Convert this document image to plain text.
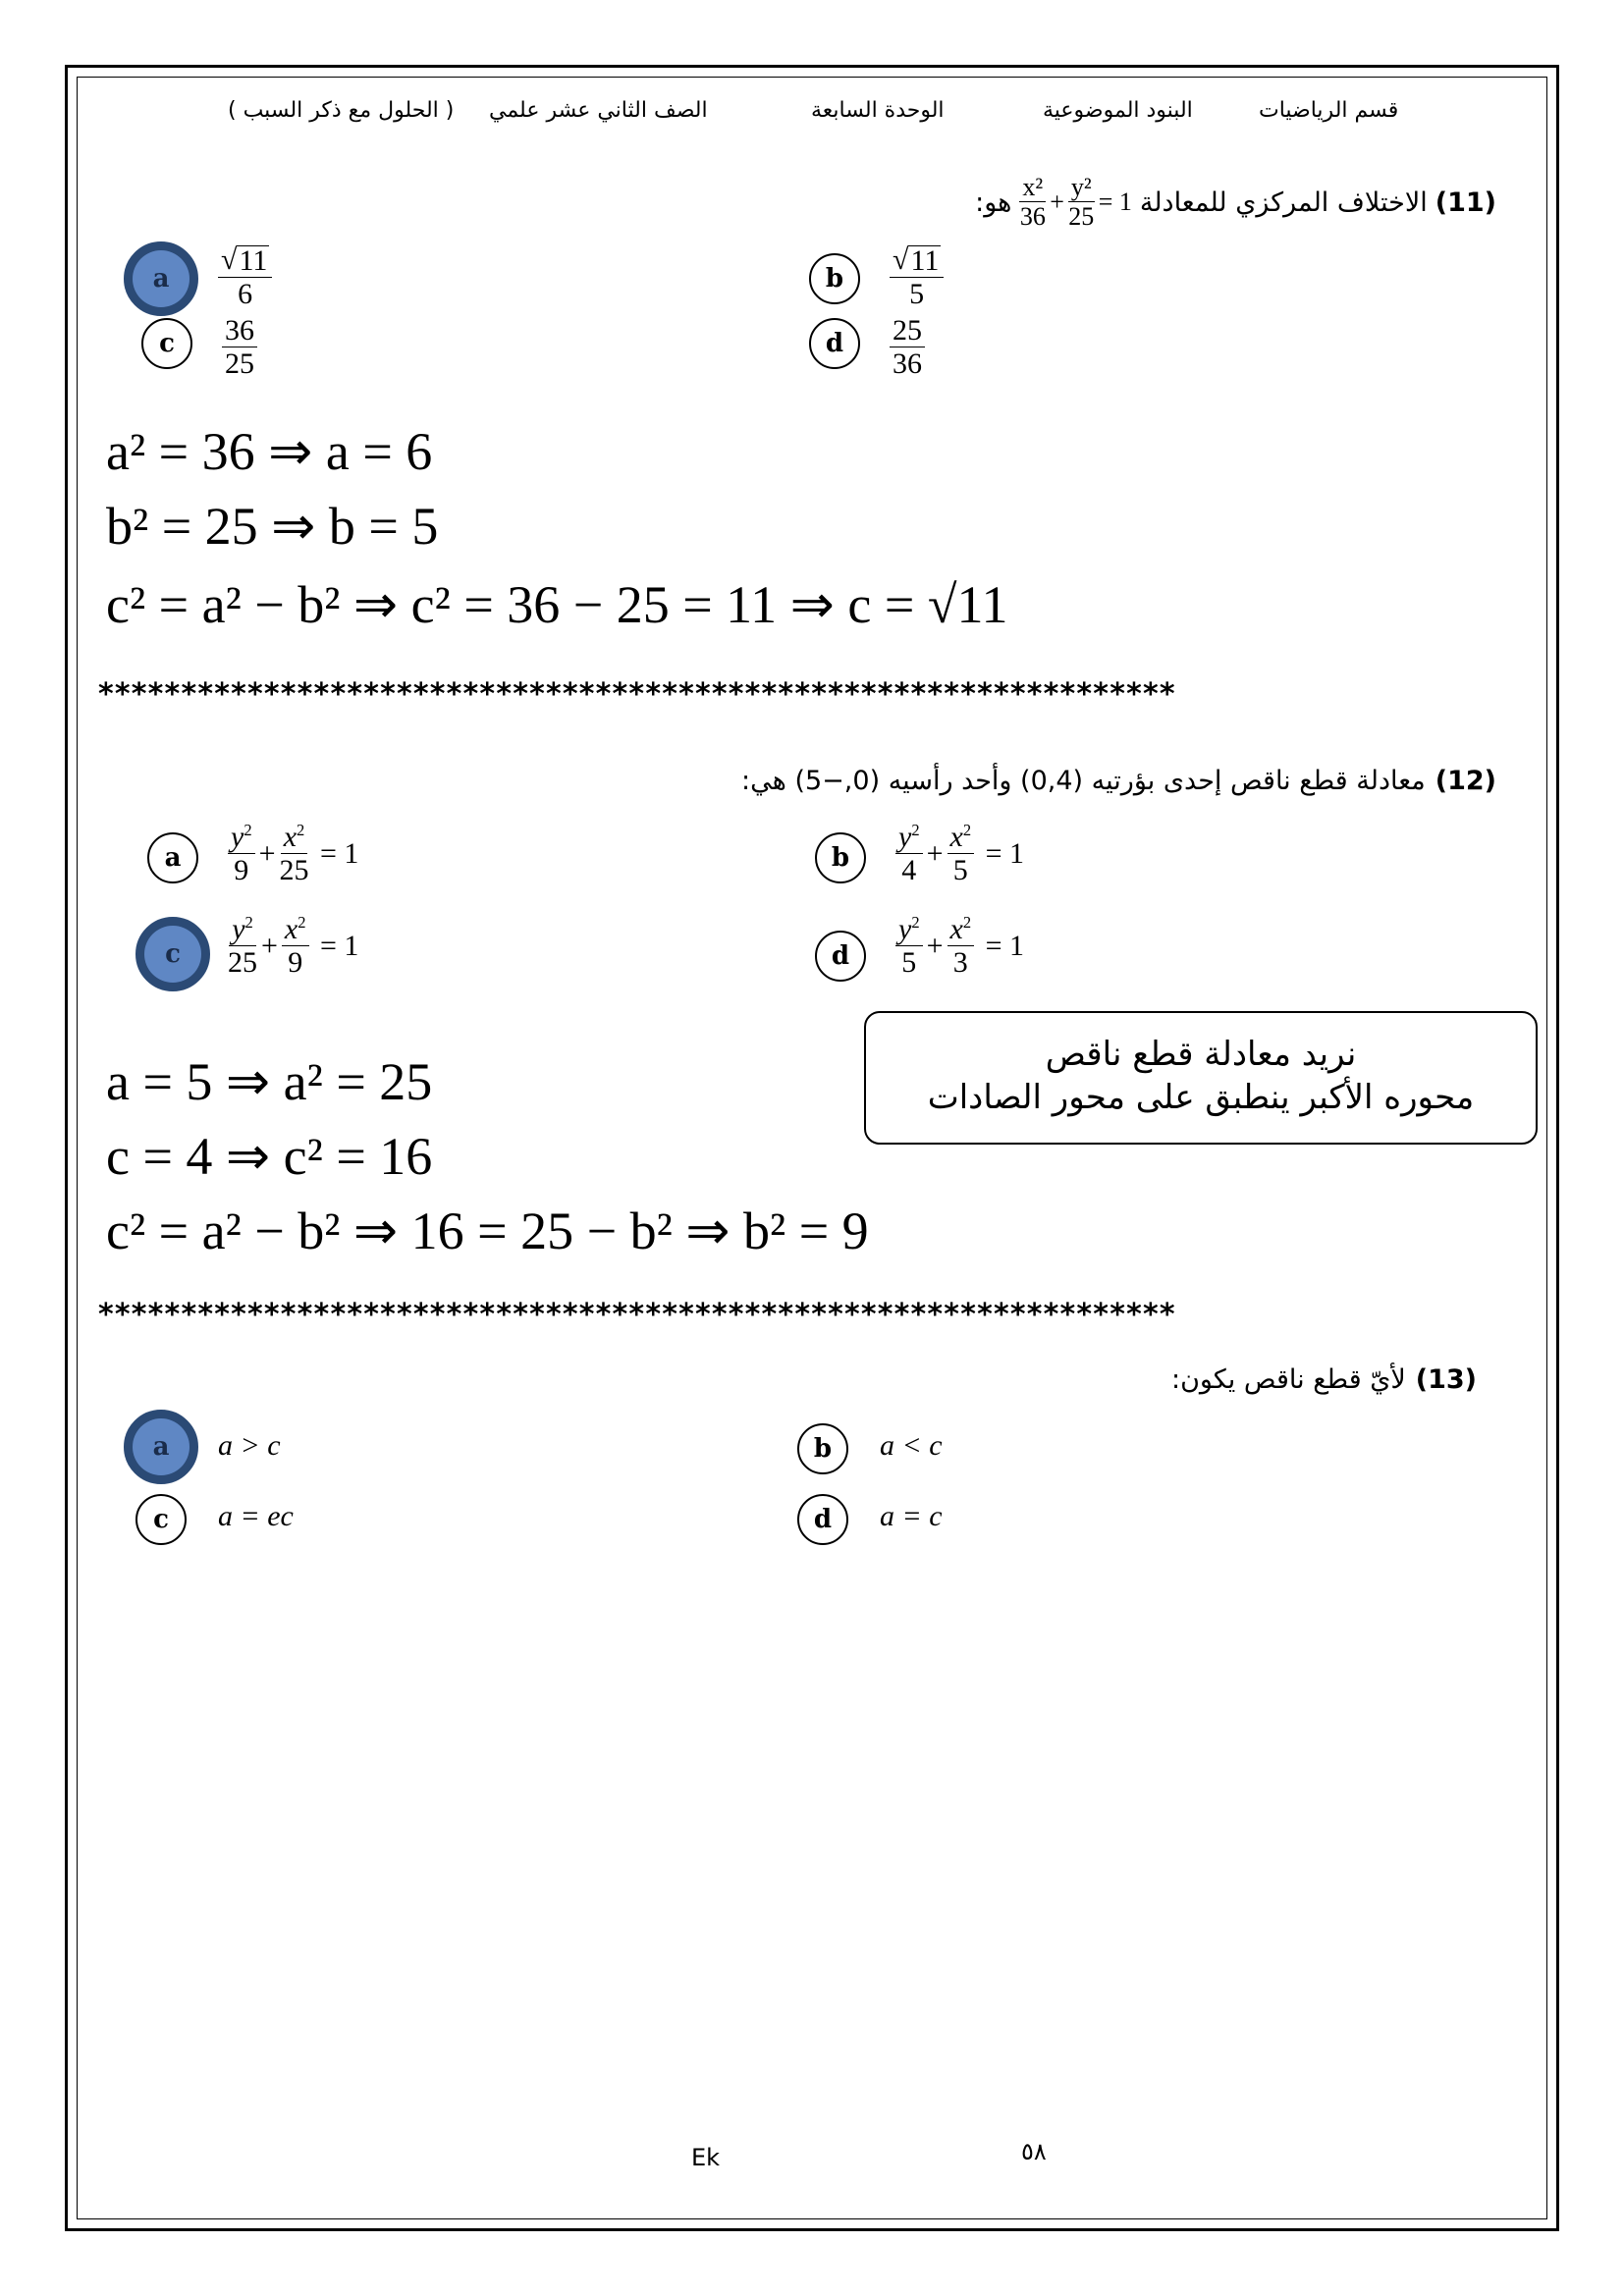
قسم الرياضيات
البنود الموضوعية
الوحدة السابعة
الصف الثاني عشر علمي
( الحلول مع ذكر السبب )
(11)
الاختلاف المركزي للمعادلة
$\frac{\text{x²}}{36} + \frac{\text{y²}}{25} = 1$
هو:
a	$\frac{√ 11}{6}$	b $\frac{√ 11}{5}$
c $\frac{36}{25}$	d $\frac{25}{36}$
a² = 36 ⇒ a = 6
b² = 25 ⇒ b = 5
c² = a² − b² ⇒ c² = 36 − 25 = 11 ⇒ c = √11
*****************************************************************
(12)
معادلة قطع ناقص إحدى بؤرتيه (0,4) وأحد رأسيه (0,−5) هي:
a $\frac{y^2}{9} + \frac{x^2}{25} = 1$	b $\frac{y^2}{4} + \frac{x^2}{5} = 1$
c	$\frac{y^2}{25} + \frac{x^2}{9} = 1$	d $\frac{y^2}{5} + \frac{x^2}{3} = 1$
نريد معادلة قطع ناقص
محوره الأكبر ينطبق على محور الصادات
a = 5 ⇒ a² = 25
c = 4 ⇒ c² = 16
c² = a² − b² ⇒ 16 = 25 − b² ⇒ b² = 9
*****************************************************************
(13)
لأيّ قطع ناقص يكون:
a	a > c	b a < c
c a = ec	d a = c
Ek	٥٨
